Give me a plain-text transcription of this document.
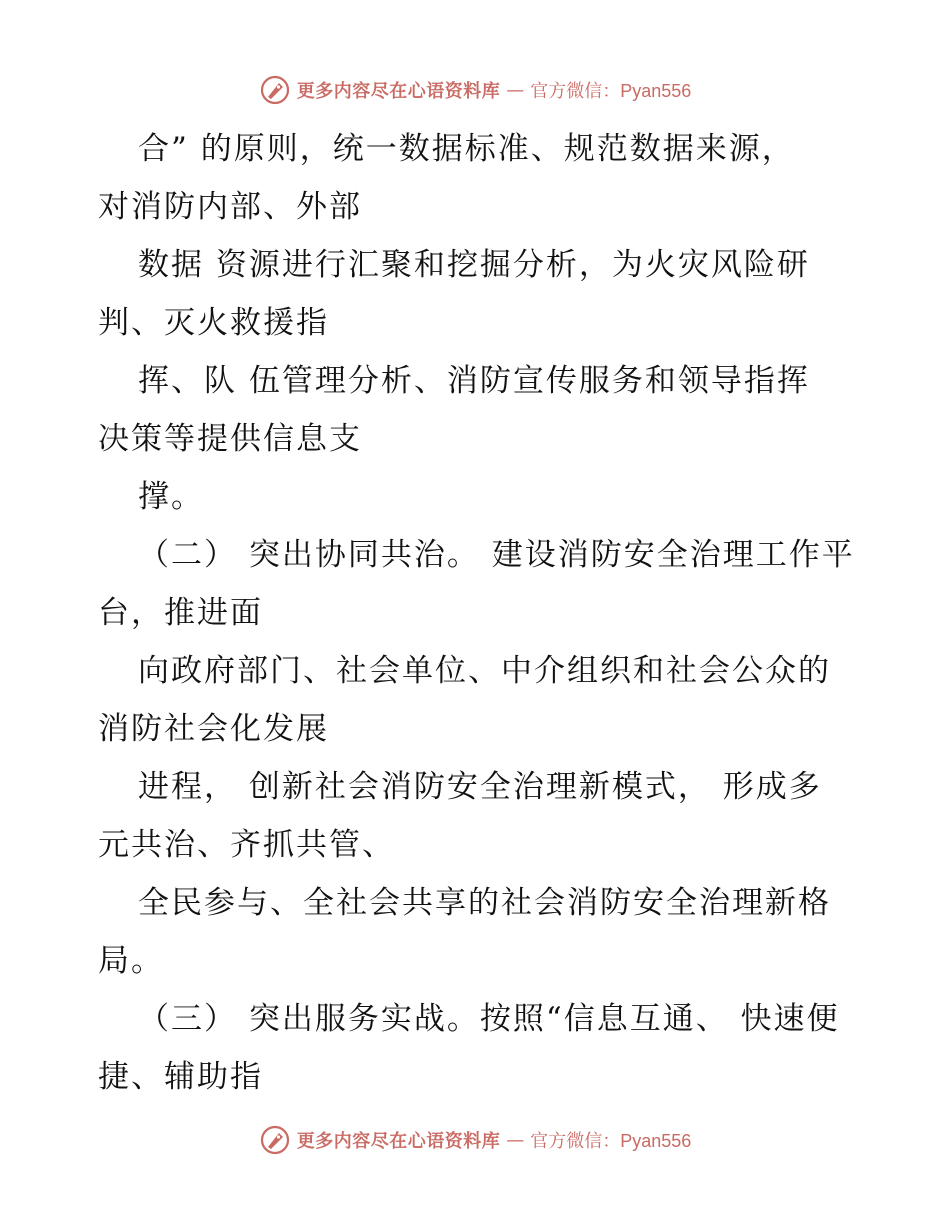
更多内容尽在心语资料库 — 官方微信：Pyan556
合” 的原则，统一数据标准、规范数据来源，
对消防内部、外部
数据 资源进行汇聚和挖掘分析，为火灾风险研
判、灭火救援指
挥、队 伍管理分析、消防宣传服务和领导指挥
决策等提供信息支
撑。
（二） 突出协同共治。 建设消防安全治理工作平
台，推进面
向政府部门、社会单位、中介组织和社会公众的
消防社会化发展
进程， 创新社会消防安全治理新模式， 形成多
元共治、齐抓共管、
全民参与、全社会共享的社会消防安全治理新格
局。
（三） 突出服务实战。按照“信息互通、 快速便
捷、辅助指
更多内容尽在心语资料库 — 官方微信：Pyan556
